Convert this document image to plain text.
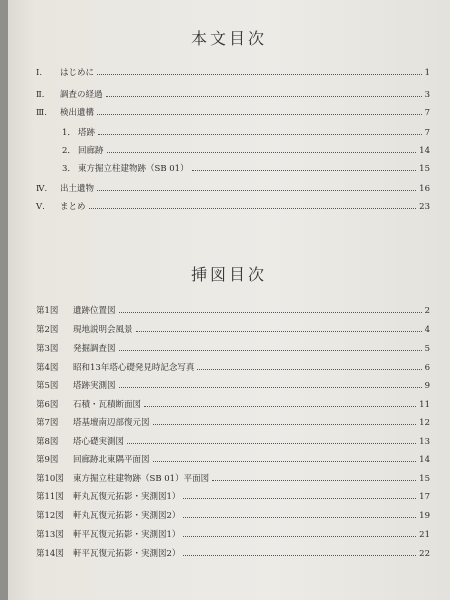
本文目次
Ⅰ. はじめに	1
Ⅱ. 調査の経過	3
Ⅲ. 検出遺構	7
1． 塔跡	7
2． 回廊跡	14
3． 東方掘立柱建物跡（SB 01）	15
Ⅳ. 出土遺物	16
Ⅴ. まとめ	23
挿図目次
第1図 遺跡位置図	2
第2図 現地説明会風景	4
第3図 発掘調査図	5
第4図 昭和13年塔心礎発見時記念写真	6
第5図 塔跡実測図	9
第6図 石積・瓦積断面図	11
第7図 塔基壇南辺部復元図	12
第8図 塔心礎実測図	13
第9図 回廊跡北東隅平面図	14
第10図 東方掘立柱建物跡（SB 01）平面図	15
第11図 軒丸瓦復元拓影・実測図1）	17
第12図 軒丸瓦復元拓影・実測図2）	19
第13図 軒平瓦復元拓影・実測図1）	21
第14図 軒平瓦復元拓影・実測図2）	22
